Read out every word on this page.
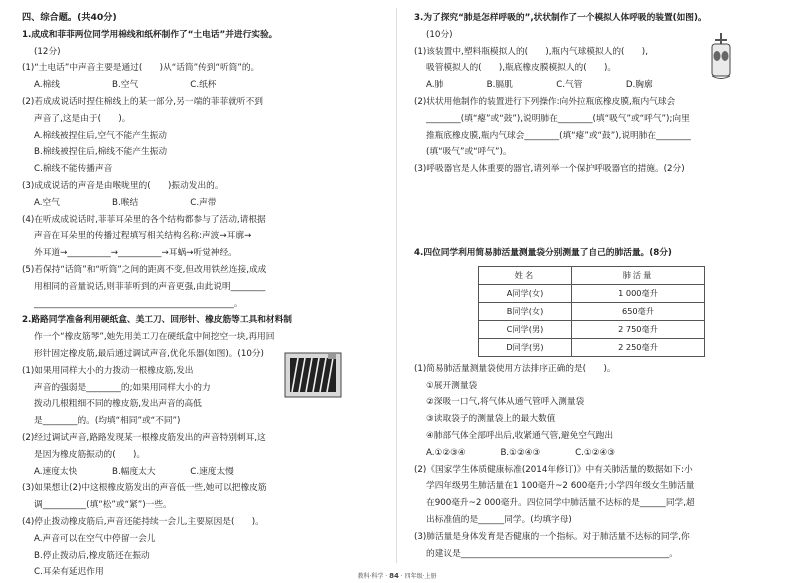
四、综合题。(共40分)

1.成成和菲菲两位同学用棉线和纸杯制作了“土电话”并进行实验。

(12分)

(1)“土电话”中声音主要是通过(　　)从“话筒”传到“听筒”的。

A.棉线　　　　　　B.空气　　　　　　C.纸杯

(2)若成成说话时捏住棉线上的某一部分,另一端的菲菲就听不到

声音了,这是由于(　　)。

A.棉线被捏住后,空气不能产生振动

B.棉线被捏住后,棉线不能产生振动

C.棉线不能传播声音

(3)成成说话的声音是由喉咙里的(　　)振动发出的。

A.空气　　　　　　B.喉结　　　　　　C.声带

(4)在听成成说话时,菲菲耳朵里的各个结构都参与了活动,请根据

声音在耳朵里的传播过程填写相关结构名称:声波→耳廓→

外耳道→__________→__________→耳蜗→听觉神经。

(5)若保持“话筒”和“听筒”之间的距离不变,但改用铁丝连接,成成

用相同的音量说话,则菲菲听到的声音更强,由此说明________

______________________________________________。

2.路路同学准备利用硬纸盒、美工刀、回形针、橡皮筋等工具和材料制

作一个“橡皮筋琴”,她先用美工刀在硬纸盒中间挖空一块,再用回

形针固定橡皮筋,最后通过调试声音,优化乐器(如图)。(10分)

(1)如果用同样大小的力拨动一根橡皮筋,发出

声音的强弱是________的;如果用同样大小的力

拨动几根粗细不同的橡皮筋,发出声音的高低

是________的。(均填“相同”或“不同”)

(2)经过调试声音,路路发现某一根橡皮筋发出的声音特别刺耳,这

是因为橡皮筋振动的(　　)。

A.速度太快　　　　B.幅度太大　　　　C.速度太慢

(3)如果想让(2)中这根橡皮筋发出的声音低一些,她可以把橡皮筋

调__________(填“松”或“紧”)一些。

(4)停止拨动橡皮筋后,声音还能持续一会儿,主要原因是(　　)。

A.声音可以在空气中停留一会儿

B.停止拨动后,橡皮筋还在振动

C.耳朵有延迟作用

3.为了探究“肺是怎样呼吸的”,状状制作了一个模拟人体呼吸的装置(如图)。

(10分)

(1)该装置中,塑料瓶模拟人的(　　),瓶内气球模拟人的(　　),

吸管模拟人的(　　),瓶底橡皮膜模拟人的(　　)。

A.肺　　　　　B.膈肌　　　　　C.气管　　　　　D.胸廓

(2)状状用他制作的装置进行下列操作:向外拉瓶底橡皮膜,瓶内气球会

________(填“瘪”或“鼓”),说明肺在________(填“吸气”或“呼气”);向里

推瓶底橡皮膜,瓶内气球会________(填“瘪”或“鼓”),说明肺在________

(填“吸气”或“呼气”)。

(3)呼吸器官是人体重要的器官,请列举一个保护呼吸器官的措施。(2分)

4.四位同学利用简易肺活量测量袋分别测量了自己的肺活量。(8分)

姓名	肺活量
A同学(女)	1 000毫升
B同学(女)	650毫升
C同学(男)	2 750毫升
D同学(男)	2 250毫升

(1)简易肺活量测量袋使用方法排序正确的是(　　)。

①展开测量袋

②深吸一口气,将气体从通气管呼入测量袋

③读取袋子的测量袋上的最大数值

④肺部气体全部呼出后,收紧通气管,避免空气跑出

A.①②③④　　　　B.①②④③　　　　C.①②④③

(2)《国家学生体质健康标准(2014年修订)》中有关肺活量的数据如下:小

学四年级男生肺活量在1 100毫升~2 600毫升;小学四年级女生肺活量

在900毫升~2 000毫升。四位同学中肺活量不达标的是______同学,超

出标准值的是______同学。(均填字母)

(3)肺活量是身体发育是否健康的一个指标。对于肺活量不达标的同学,你

的建议是________________________________________________。

教科·科学 · 84 · 四年级·上册
